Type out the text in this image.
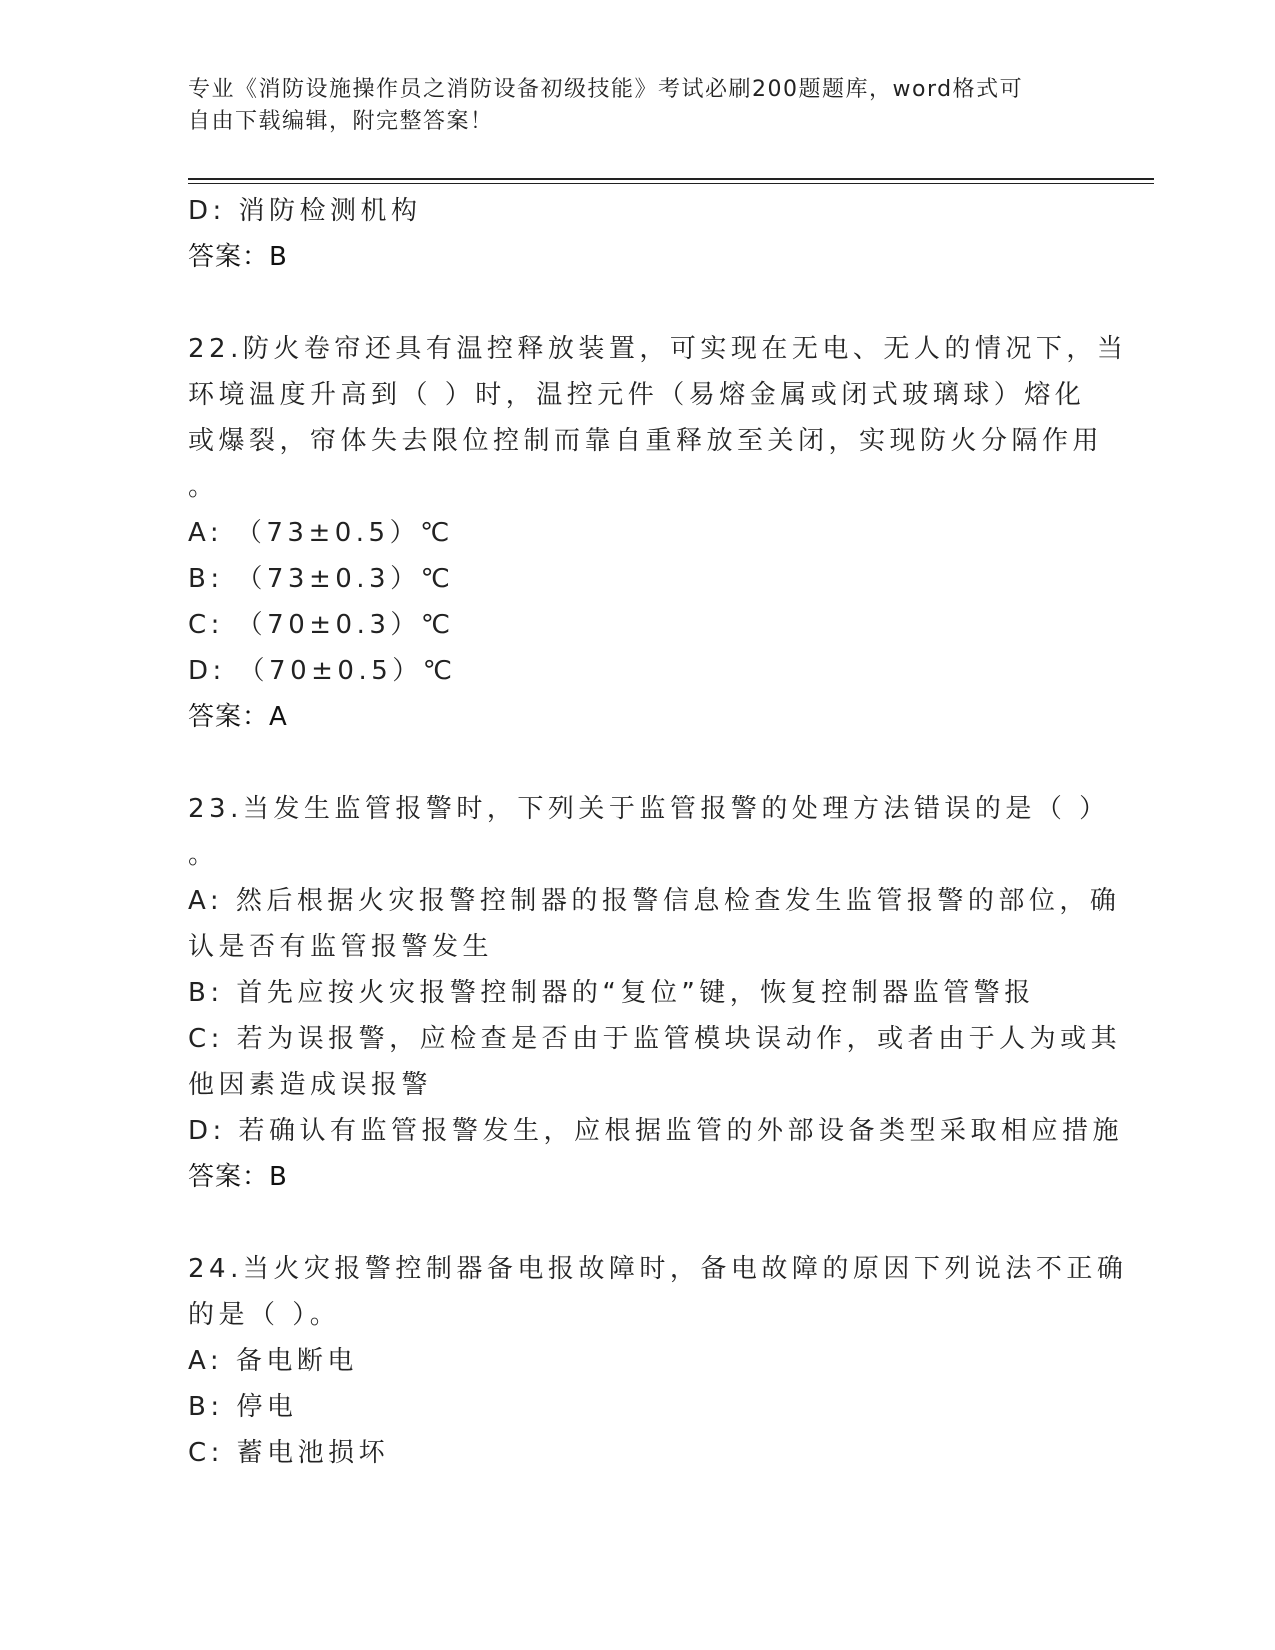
专业《消防设施操作员之消防设备初级技能》考试必刷200题题库，word格式可
自由下载编辑，附完整答案！
D: 消防检测机构
答案：B
22.防火卷帘还具有温控释放装置，可实现在无电、无人的情况下，当
环境温度升高到（ ）时，温控元件（易熔金属或闭式玻璃球）熔化
或爆裂，帘体失去限位控制而靠自重释放至关闭，实现防火分隔作用
。
A: （73±0.5）℃
B: （73±0.3）℃
C: （70±0.3）℃
D: （70±0.5）℃
答案：A
23.当发生监管报警时，下列关于监管报警的处理方法错误的是（ ）
。
A: 然后根据火灾报警控制器的报警信息检查发生监管报警的部位，确
认是否有监管报警发生
B: 首先应按火灾报警控制器的“复位”键，恢复控制器监管警报
C: 若为误报警，应检查是否由于监管模块误动作，或者由于人为或其
他因素造成误报警
D: 若确认有监管报警发生，应根据监管的外部设备类型采取相应措施
答案：B
24.当火灾报警控制器备电报故障时，备电故障的原因下列说法不正确
的是（ ）。
A: 备电断电
B: 停电
C: 蓄电池损坏
